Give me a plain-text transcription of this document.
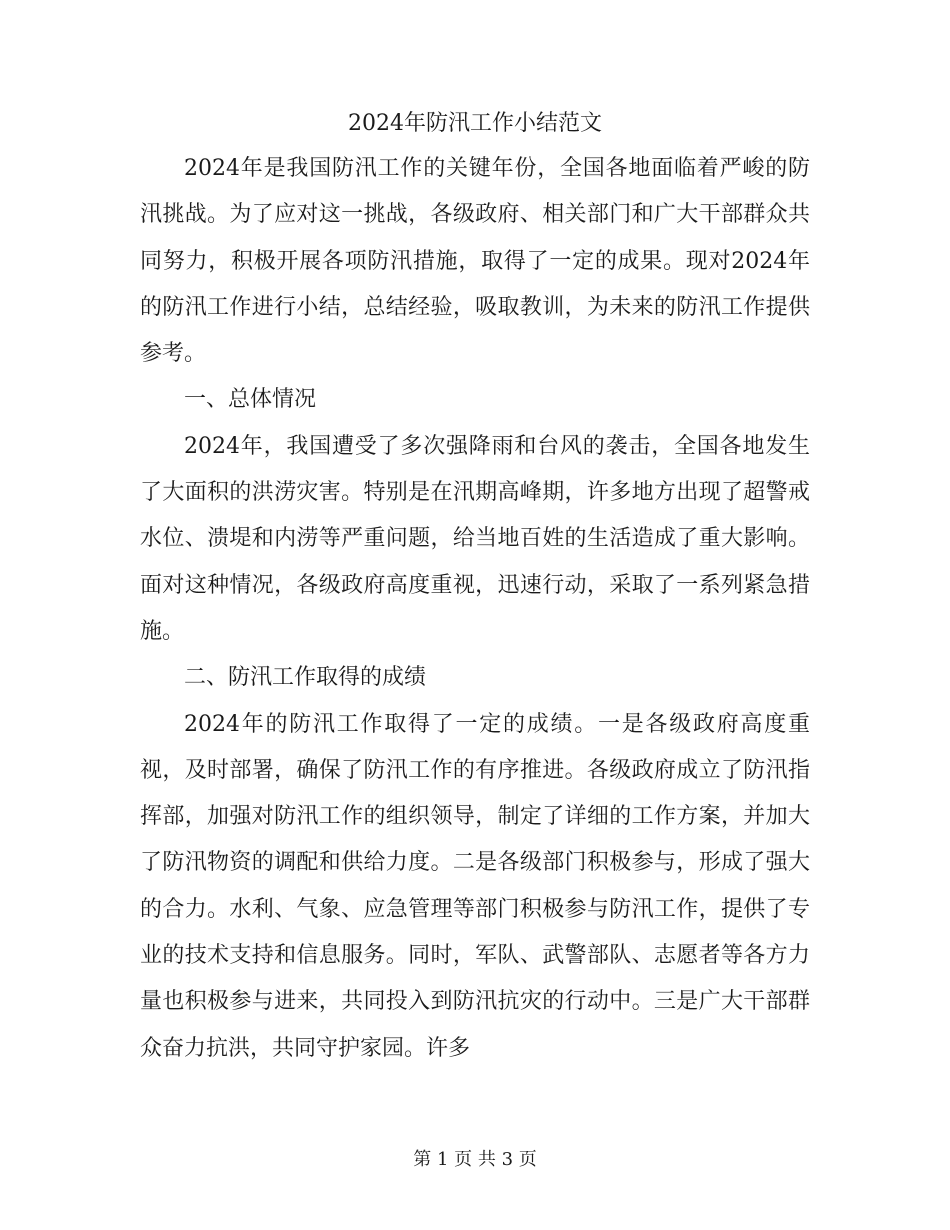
2024年防汛工作小结范文

2024年是我国防汛工作的关键年份，全国各地面临着严峻的防汛挑战。为了应对这一挑战，各级政府、相关部门和广大干部群众共同努力，积极开展各项防汛措施，取得了一定的成果。现对2024年的防汛工作进行小结，总结经验，吸取教训，为未来的防汛工作提供参考。

一、总体情况

2024年，我国遭受了多次强降雨和台风的袭击，全国各地发生了大面积的洪涝灾害。特别是在汛期高峰期，许多地方出现了超警戒水位、溃堤和内涝等严重问题，给当地百姓的生活造成了重大影响。面对这种情况，各级政府高度重视，迅速行动，采取了一系列紧急措施。

二、防汛工作取得的成绩

2024年的防汛工作取得了一定的成绩。一是各级政府高度重视，及时部署，确保了防汛工作的有序推进。各级政府成立了防汛指挥部，加强对防汛工作的组织领导，制定了详细的工作方案，并加大了防汛物资的调配和供给力度。二是各级部门积极参与，形成了强大的合力。水利、气象、应急管理等部门积极参与防汛工作，提供了专业的技术支持和信息服务。同时，军队、武警部队、志愿者等各方力量也积极参与进来，共同投入到防汛抗灾的行动中。三是广大干部群众奋力抗洪，共同守护家园。许多

第 1 页 共 3 页
